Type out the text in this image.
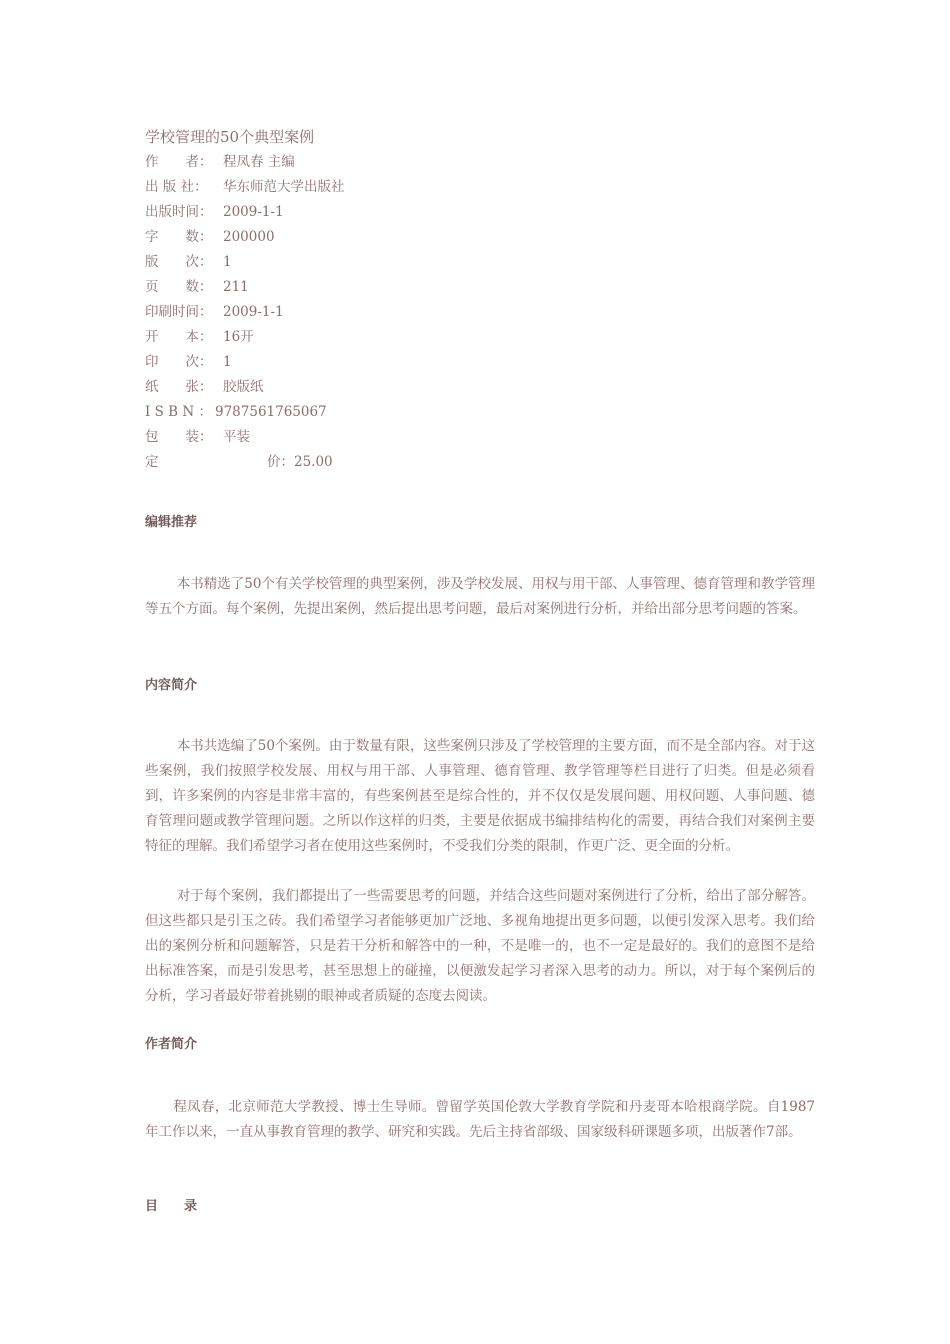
学校管理的50个典型案例
作　　者： 程凤春 主编
出 版 社： 华东师范大学出版社
出版时间： 2009-1-1
字　　数： 200000
版　　次： 1
页　　数： 211
印刷时间： 2009-1-1
开　　本： 16开
印　　次： 1
纸　　张： 胶版纸
I S B N ： 9787561765067
包　　装： 平装
定	价：25.00
编辑推荐

本书精选了50个有关学校管理的典型案例，涉及学校发展、用权与用干部、人事管理、德育管理和教学管理等五个方面。每个案例，先提出案例，然后提出思考问题，最后对案例进行分析，并给出部分思考问题的答案。

内容简介

本书共选编了50个案例。由于数量有限，这些案例只涉及了学校管理的主要方面，而不是全部内容。对于这些案例，我们按照学校发展、用权与用干部、人事管理、德育管理、教学管理等栏目进行了归类。但是必须看到，许多案例的内容是非常丰富的，有些案例甚至是综合性的，并不仅仅是发展问题、用权问题、人事问题、德育管理问题或教学管理问题。之所以作这样的归类，主要是依据成书编排结构化的需要，再结合我们对案例主要特征的理解。我们希望学习者在使用这些案例时，不受我们分类的限制，作更广泛、更全面的分析。

对于每个案例，我们都提出了一些需要思考的问题，并结合这些问题对案例进行了分析，给出了部分解答。但这些都只是引玉之砖。我们希望学习者能够更加广泛地、多视角地提出更多问题，以便引发深入思考。我们给出的案例分析和问题解答，只是若干分析和解答中的一种，不是唯一的，也不一定是最好的。我们的意图不是给出标准答案，而是引发思考，甚至思想上的碰撞，以便激发起学习者深入思考的动力。所以，对于每个案例后的分析，学习者最好带着挑剔的眼神或者质疑的态度去阅读。

作者简介

程凤春，北京师范大学教授、博士生导师。曾留学英国伦敦大学教育学院和丹麦哥本哈根商学院。自1987年工作以来，一直从事教育管理的教学、研究和实践。先后主持省部级、国家级科研课题多项，出版著作7部。

目　　录
